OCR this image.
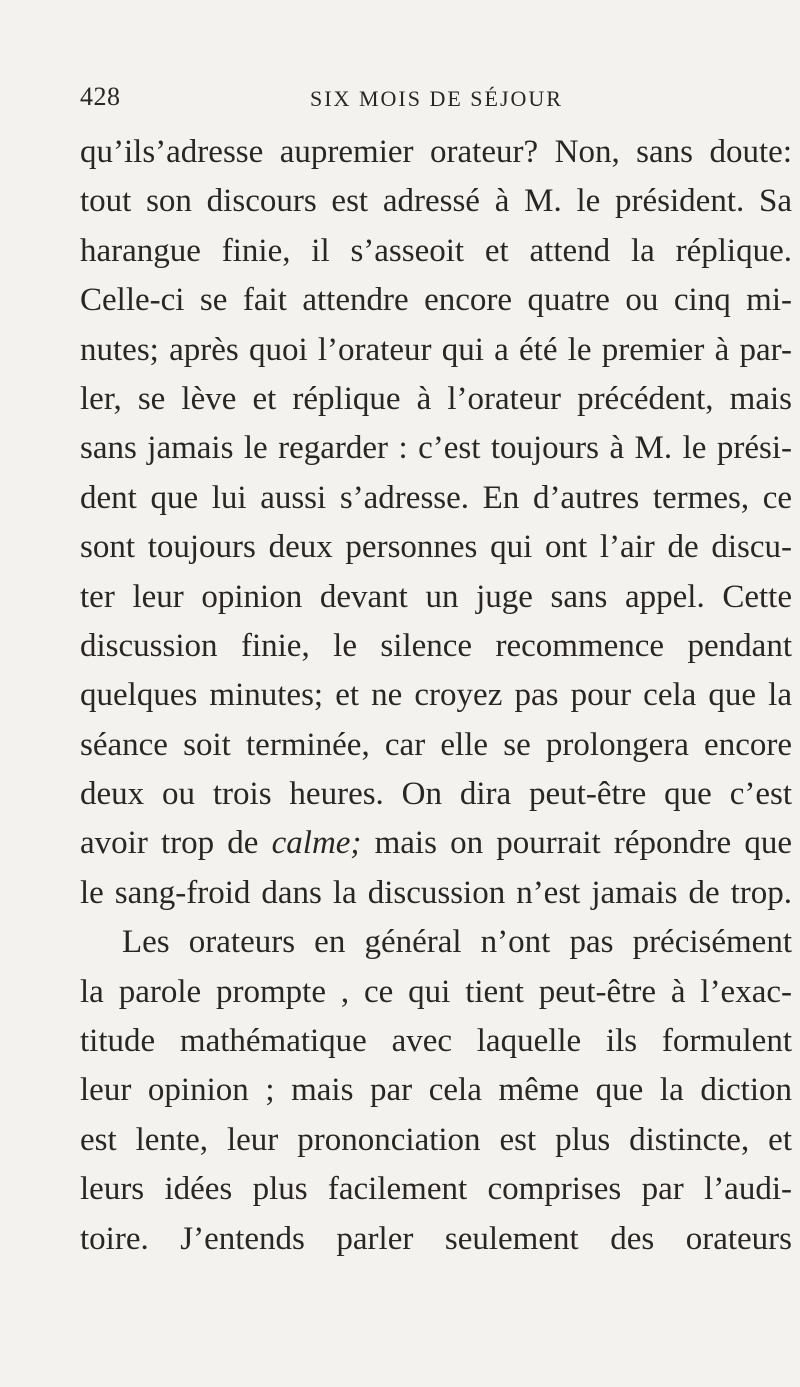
428	SIX MOIS DE SÉJOUR
qu’ils’adresse aupremier orateur? Non, sans doute:
tout son discours est adressé à M. le président. Sa
harangue finie, il s’asseoit et attend la réplique.
Celle-ci se fait attendre encore quatre ou cinq mi-
nutes; après quoi l’orateur qui a été le premier à par-
ler, se lève et réplique à l’orateur précédent, mais
sans jamais le regarder : c’est toujours à M. le prési-
dent que lui aussi s’adresse. En d’autres termes, ce
sont toujours deux personnes qui ont l’air de discu-
ter leur opinion devant un juge sans appel. Cette
discussion finie, le silence recommence pendant
quelques minutes; et ne croyez pas pour cela que la
séance soit terminée, car elle se prolongera encore
deux ou trois heures. On dira peut-être que c’est
avoir trop de calme; mais on pourrait répondre que
le sang-froid dans la discussion n’est jamais de trop.
Les orateurs en général n’ont pas précisément
la parole prompte , ce qui tient peut-être à l’exac-
titude mathématique avec laquelle ils formulent
leur opinion ; mais par cela même que la diction
est lente, leur prononciation est plus distincte, et
leurs idées plus facilement comprises par l’audi-
toire. J’entends parler seulement des orateurs
